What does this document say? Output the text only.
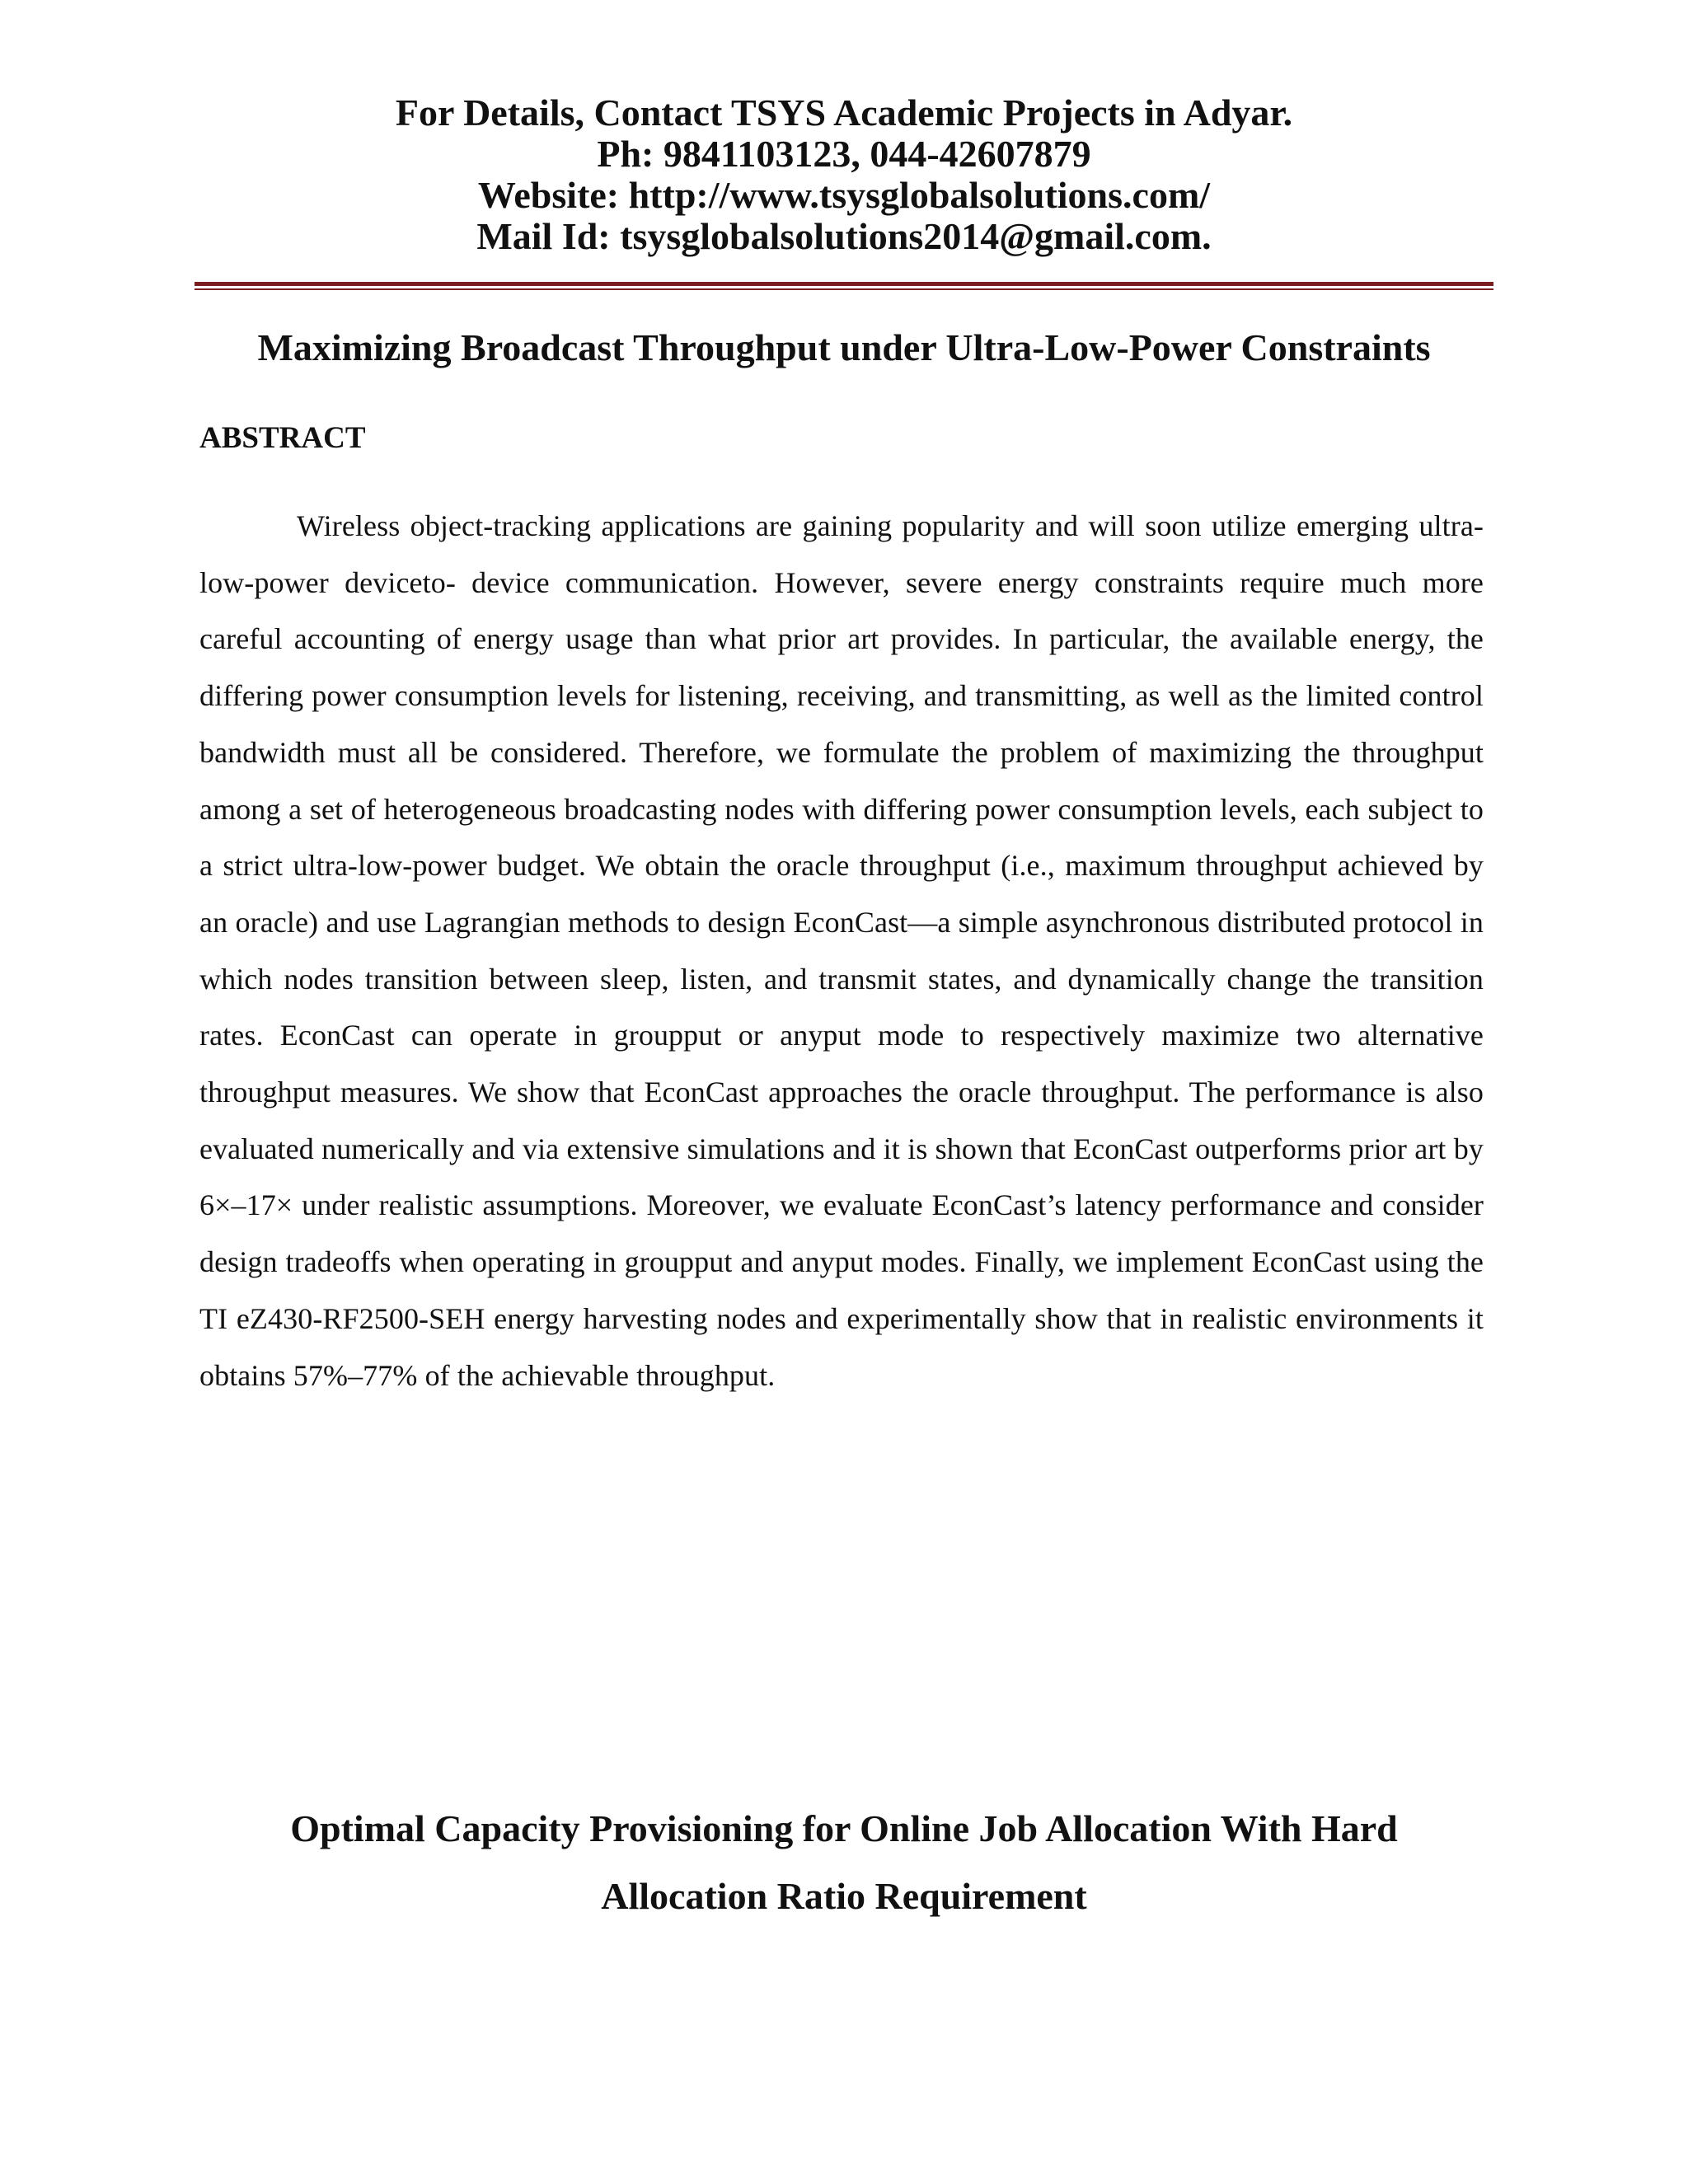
For Details, Contact TSYS Academic Projects in Adyar.
Ph: 9841103123, 044-42607879
Website: http://www.tsysglobalsolutions.com/
Mail Id: tsysglobalsolutions2014@gmail.com.
Maximizing Broadcast Throughput under Ultra-Low-Power Constraints
ABSTRACT
Wireless object-tracking applications are gaining popularity and will soon utilize emerging ultra-low-power deviceto- device communication. However, severe energy constraints require much more careful accounting of energy usage than what prior art provides. In particular, the available energy, the differing power consumption levels for listening, receiving, and transmitting, as well as the limited control bandwidth must all be considered. Therefore, we formulate the problem of maximizing the throughput among a set of heterogeneous broadcasting nodes with differing power consumption levels, each subject to a strict ultra-low-power budget. We obtain the oracle throughput (i.e., maximum throughput achieved by an oracle) and use Lagrangian methods to design EconCast—a simple asynchronous distributed protocol in which nodes transition between sleep, listen, and transmit states, and dynamically change the transition rates. EconCast can operate in groupput or anyput mode to respectively maximize two alternative throughput measures. We show that EconCast approaches the oracle throughput. The performance is also evaluated numerically and via extensive simulations and it is shown that EconCast outperforms prior art by 6×–17× under realistic assumptions. Moreover, we evaluate EconCast’s latency performance and consider design tradeoffs when operating in groupput and anyput modes. Finally, we implement EconCast using the TI eZ430-RF2500-SEH energy harvesting nodes and experimentally show that in realistic environments it obtains 57%–77% of the achievable throughput.
Optimal Capacity Provisioning for Online Job Allocation With Hard
Allocation Ratio Requirement
